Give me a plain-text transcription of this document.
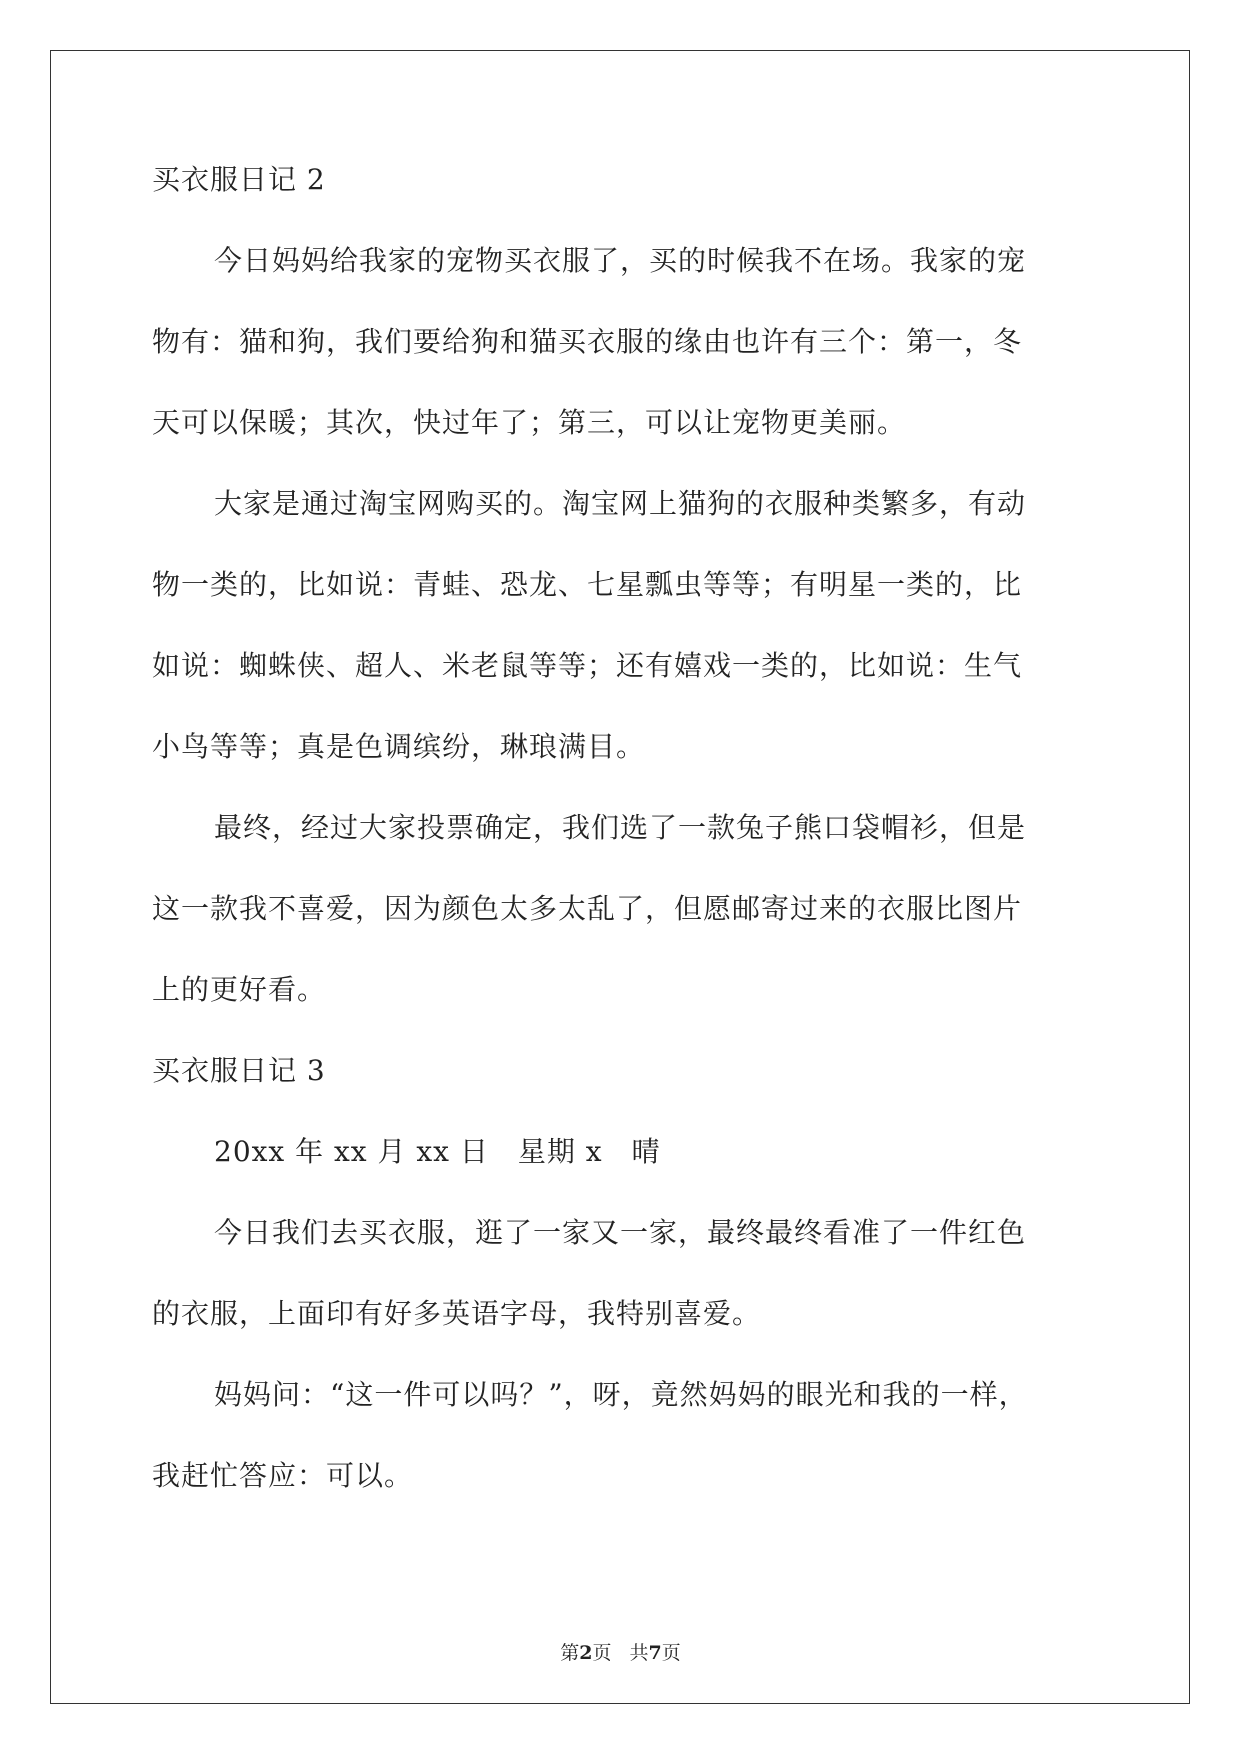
买衣服日记 2

今日妈妈给我家的宠物买衣服了，买的时候我不在场。我家的宠

物有：猫和狗，我们要给狗和猫买衣服的缘由也许有三个：第一，冬

天可以保暖；其次，快过年了；第三，可以让宠物更美丽。

大家是通过淘宝网购买的。淘宝网上猫狗的衣服种类繁多，有动

物一类的，比如说：青蛙、恐龙、七星瓢虫等等；有明星一类的，比

如说：蜘蛛侠、超人、米老鼠等等；还有嬉戏一类的，比如说：生气

小鸟等等；真是色调缤纷，琳琅满目。

最终，经过大家投票确定，我们选了一款兔子熊口袋帽衫，但是

这一款我不喜爱，因为颜色太多太乱了，但愿邮寄过来的衣服比图片

上的更好看。

买衣服日记 3

20xx 年 xx 月 xx 日　星期 x　晴

今日我们去买衣服，逛了一家又一家，最终最终看准了一件红色

的衣服，上面印有好多英语字母，我特别喜爱。

妈妈问：“这一件可以吗？”，呀，竟然妈妈的眼光和我的一样，

我赶忙答应：可以。

第2页 共7页
